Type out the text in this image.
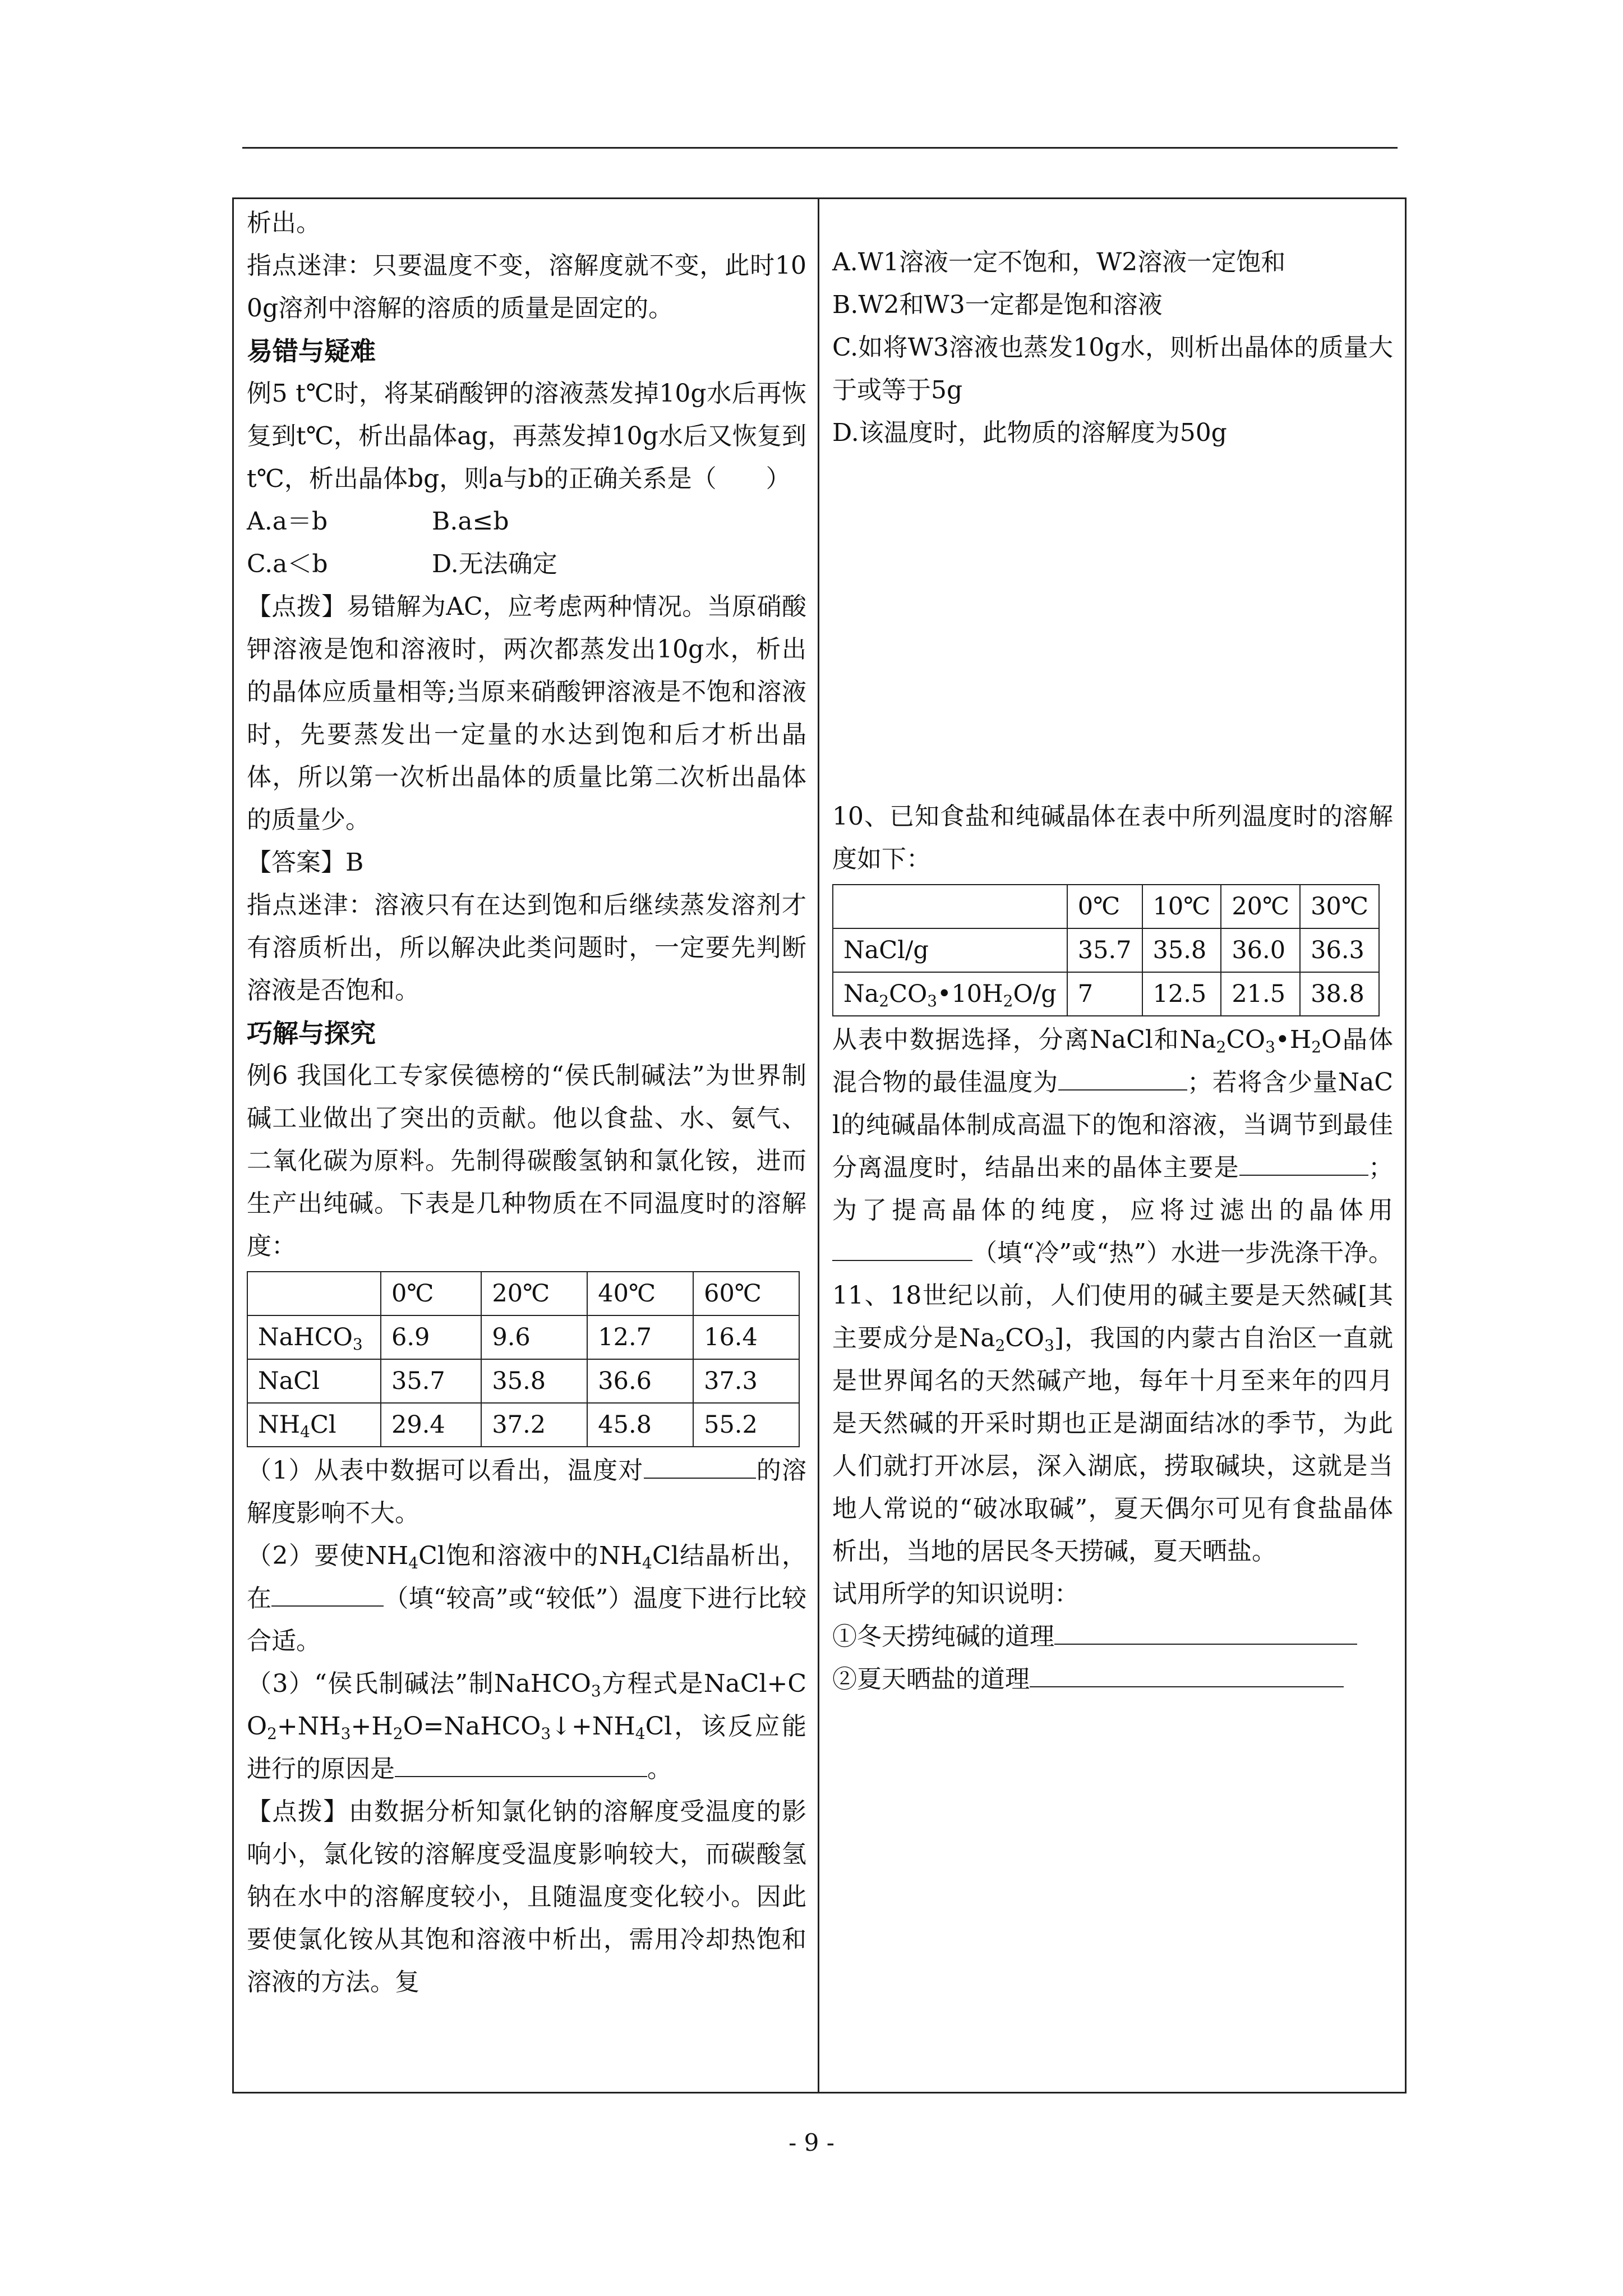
析出。

指点迷津：只要温度不变，溶解度就不变，此时100g溶剂中溶解的溶质的质量是固定的。

易错与疑难

例5 t℃时，将某硝酸钾的溶液蒸发掉10g水后再恢复到t℃，析出晶体ag，再蒸发掉10g水后又恢复到t℃，析出晶体bg，则a与b的正确关系是（　　）

A.a＝b	B.a≤b
C.a＜b	D.无法确定

【点拨】易错解为AC，应考虑两种情况。当原硝酸钾溶液是饱和溶液时，两次都蒸发出10g水，析出的晶体应质量相等;当原来硝酸钾溶液是不饱和溶液时，先要蒸发出一定量的水达到饱和后才析出晶体，所以第一次析出晶体的质量比第二次析出晶体的质量少。

【答案】B

指点迷津：溶液只有在达到饱和后继续蒸发溶剂才有溶质析出，所以解决此类问题时，一定要先判断溶液是否饱和。

巧解与探究

例6 我国化工专家侯德榜的“侯氏制碱法”为世界制碱工业做出了突出的贡献。他以食盐、水、氨气、二氧化碳为原料。先制得碳酸氢钠和氯化铵，进而生产出纯碱。下表是几种物质在不同温度时的溶解度：

	0℃	20℃	40℃	60℃
NaHCO$_3$	6.9	9.6	12.7	16.4
NaCl	35.7	35.8	36.6	37.3
$NH_4Cl$	29.4	37.2	45.8	55.2

（1）从表中数据可以看出，温度对	的溶解度影响不大。

（2）要使$NH_4Cl$饱和溶液中的$NH_4Cl$结晶析出，在	（填“较高”或“较低”）温度下进行比较合适。

（3）“侯氏制碱法”制NaHCO$_3$方程式是$NaCl+CO_2+NH_3+H_2O=NaHCO_3↓+NH_4Cl$，该反应能进行的原因是	。

【点拨】由数据分析知氯化钠的溶解度受温度的影响小，氯化铵的溶解度受温度影响较大，而碳酸氢钠在水中的溶解度较小，且随温度变化较小。因此要使氯化铵从其饱和溶液中析出，需用冷却热饱和溶液的方法。复

A.W1溶液一定不饱和，W2溶液一定饱和

B.W2和W3一定都是饱和溶液

C.如将W3溶液也蒸发10g水，则析出晶体的质量大于或等于5g

D.该温度时，此物质的溶解度为50g

10、已知食盐和纯碱晶体在表中所列温度时的溶解度如下：

	0℃	10℃	20℃	30℃
NaCl/g	35.7	35.8	36.0	36.3
$Na_2CO_3•10H_2O/g$	7	12.5	21.5	38.8

从表中数据选择，分离NaCl和$Na_2CO_3•H_2O$晶体混合物的最佳温度为	；若将含少量NaCl的纯碱晶体制成高温下的饱和溶液，当调节到最佳分离温度时，结晶出来的晶体主要是	；为了提高晶体的纯度，应将过滤出的晶体用（填“冷”或“热”）水进一步洗涤干净。

11、18世纪以前，人们使用的碱主要是天然碱[其主要成分是$Na_2CO_3$]，我国的内蒙古自治区一直就是世界闻名的天然碱产地，每年十月至来年的四月是天然碱的开采时期也正是湖面结冰的季节，为此人们就打开冰层，深入湖底，捞取碱块，这就是当地人常说的“破冰取碱”，夏天偶尔可见有食盐晶体析出，当地的居民冬天捞碱，夏天晒盐。

试用所学的知识说明：

①冬天捞纯碱的道理

②夏天晒盐的道理

- 9 -
